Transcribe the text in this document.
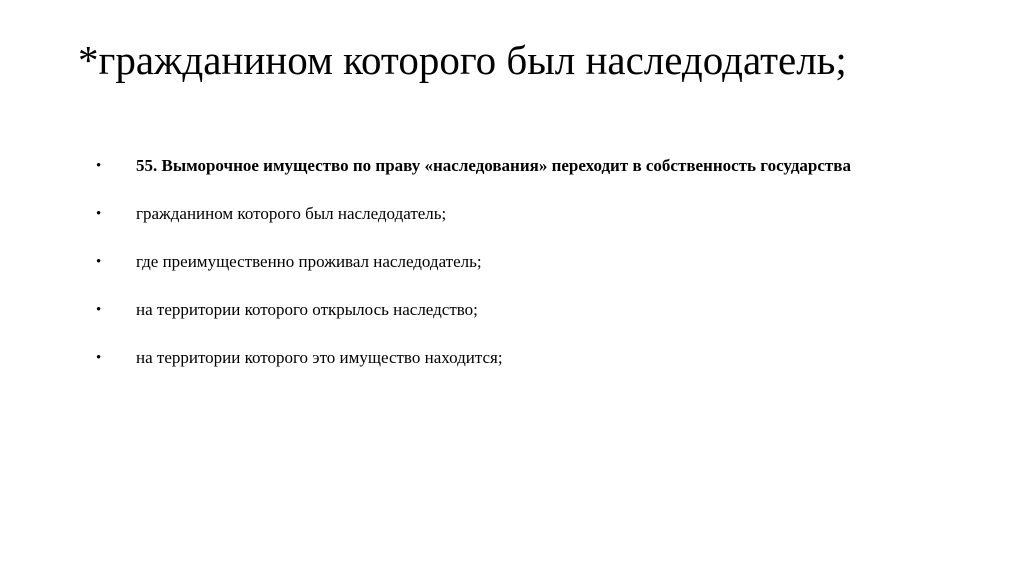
*гражданином которого был наследодатель;
•	55. Выморочное имущество по праву «наследования» переходит в собственность государства
•	гражданином которого был наследодатель;
•	где преимущественно проживал наследодатель;
•	на территории которого открылось наследство;
•	на территории которого это имущество находится;
